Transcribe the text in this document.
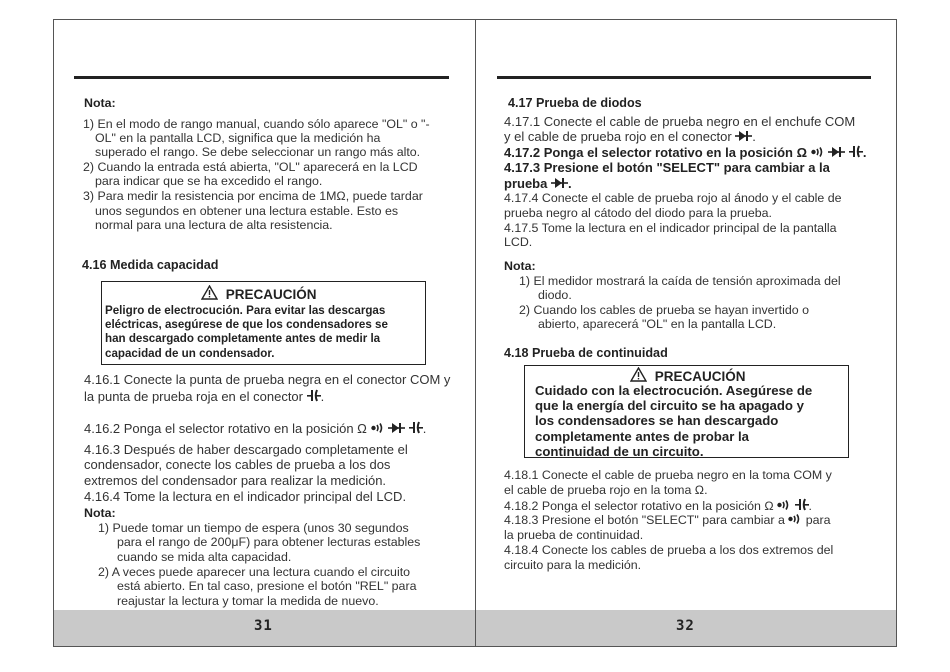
Nota:
1) En el modo de rango manual, cuando sólo aparece "OL" o "-
OL" en la pantalla LCD, significa que la medición ha
superado el rango. Se debe seleccionar un rango más alto.
2) Cuando la entrada está abierta, "OL" aparecerá en la LCD
para indicar que se ha excedido el rango.
3) Para medir la resistencia por encima de 1MΩ, puede tardar
unos segundos en obtener una lectura estable. Esto es
normal para una lectura de alta resistencia.
4.16 Medida capacidad
PRECAUCIÓN
Peligro de electrocución. Para evitar las descargas
eléctricas, asegúrese de que los condensadores se
han descargado completamente antes de medir la
capacidad de un condensador.
4.16.1 Conecte la punta de prueba negra en el conector COM y
la punta de prueba roja en el conector .
4.16.2 Ponga el selector rotativo en la posición Ω	.
4.16.3 Después de haber descargado completamente el
condensador, conecte los cables de prueba a los dos
extremos del condensador para realizar la medición.
4.16.4 Tome la lectura en el indicador principal del LCD.
Nota:
1) Puede tomar un tiempo de espera (unos 30 segundos
para el rango de 200μF) para obtener lecturas estables
cuando se mida alta capacidad.
2) A veces puede aparecer una lectura cuando el circuito
está abierto. En tal caso, presione el botón "REL" para
reajustar la lectura y tomar la medida de nuevo.
4.17 Prueba de diodos
4.17.1 Conecte el cable de prueba negro en el enchufe COM
y el cable de prueba rojo en el conector .
4.17.2 Ponga el selector rotativo en la posición Ω	.
4.17.3 Presione el botón "SELECT" para cambiar a la
prueba .
4.17.4 Conecte el cable de prueba rojo al ánodo y el cable de
prueba negro al cátodo del diodo para la prueba.
4.17.5 Tome la lectura en el indicador principal de la pantalla
LCD.
Nota:
1) El medidor mostrará la caída de tensión aproximada del
diodo.
2) Cuando los cables de prueba se hayan invertido o
abierto, aparecerá "OL" en la pantalla LCD.
4.18 Prueba de continuidad
PRECAUCIÓN
Cuidado con la electrocución. Asegúrese de
que la energía del circuito se ha apagado y
los condensadores se han descargado
completamente antes de probar la
continuidad de un circuito.
4.18.1 Conecte el cable de prueba negro en la toma COM y
el cable de prueba rojo en la toma Ω.
4.18.2 Ponga el selector rotativo en la posición Ω	.
4.18.3 Presione el botón "SELECT" para cambiar a para
la prueba de continuidad.
4.18.4 Conecte los cables de prueba a los dos extremos del
circuito para la medición.
31	32
